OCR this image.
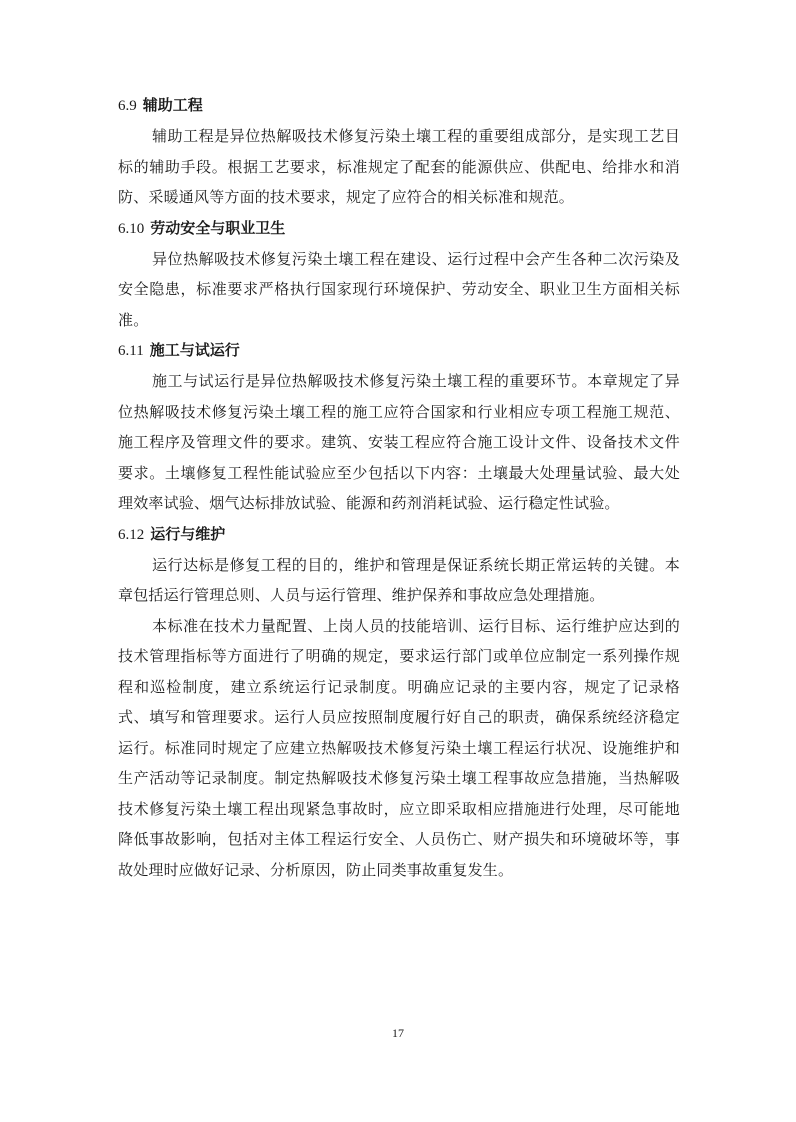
6.9 辅助工程

辅助工程是异位热解吸技术修复污染土壤工程的重要组成部分，是实现工艺目标的辅助手段。根据工艺要求，标准规定了配套的能源供应、供配电、给排水和消防、采暖通风等方面的技术要求，规定了应符合的相关标准和规范。

6.10 劳动安全与职业卫生

异位热解吸技术修复污染土壤工程在建设、运行过程中会产生各种二次污染及安全隐患，标准要求严格执行国家现行环境保护、劳动安全、职业卫生方面相关标准。

6.11 施工与试运行

施工与试运行是异位热解吸技术修复污染土壤工程的重要环节。本章规定了异位热解吸技术修复污染土壤工程的施工应符合国家和行业相应专项工程施工规范、施工程序及管理文件的要求。建筑、安装工程应符合施工设计文件、设备技术文件要求。土壤修复工程性能试验应至少包括以下内容：土壤最大处理量试验、最大处理效率试验、烟气达标排放试验、能源和药剂消耗试验、运行稳定性试验。

6.12 运行与维护

运行达标是修复工程的目的，维护和管理是保证系统长期正常运转的关键。本章包括运行管理总则、人员与运行管理、维护保养和事故应急处理措施。

本标准在技术力量配置、上岗人员的技能培训、运行目标、运行维护应达到的技术管理指标等方面进行了明确的规定，要求运行部门或单位应制定一系列操作规程和巡检制度，建立系统运行记录制度。明确应记录的主要内容，规定了记录格式、填写和管理要求。运行人员应按照制度履行好自己的职责，确保系统经济稳定运行。标准同时规定了应建立热解吸技术修复污染土壤工程运行状况、设施维护和生产活动等记录制度。制定热解吸技术修复污染土壤工程事故应急措施，当热解吸技术修复污染土壤工程出现紧急事故时，应立即采取相应措施进行处理，尽可能地降低事故影响，包括对主体工程运行安全、人员伤亡、财产损失和环境破坏等，事故处理时应做好记录、分析原因，防止同类事故重复发生。

17
